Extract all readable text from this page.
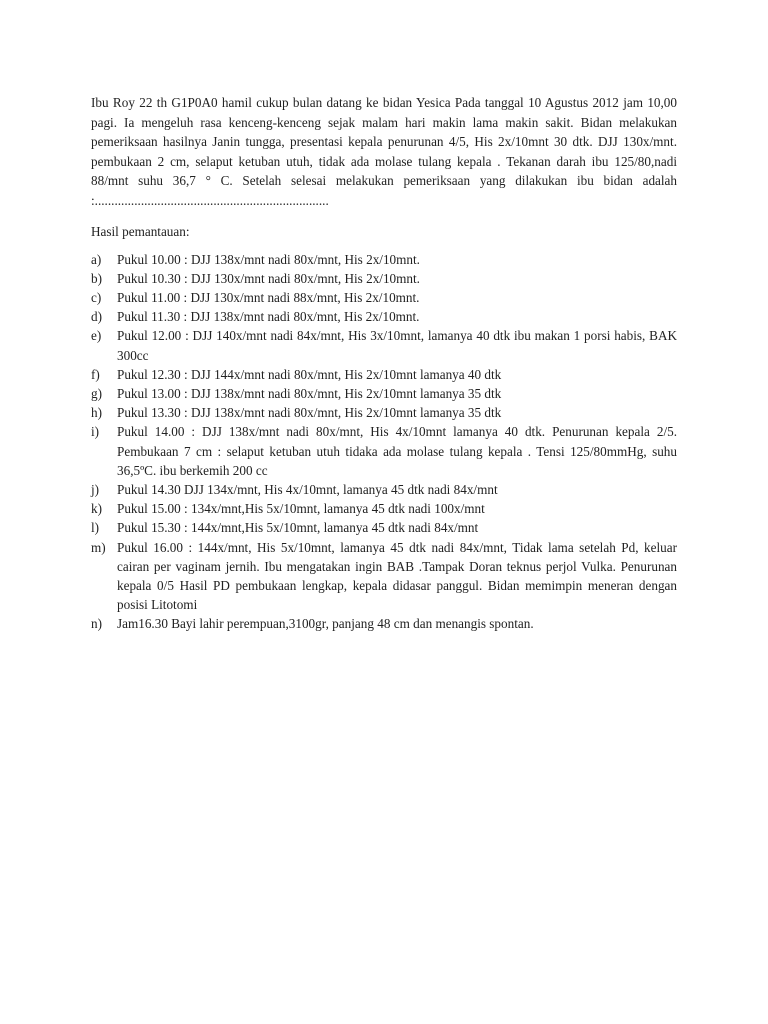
Ibu Roy 22 th G1P0A0 hamil cukup bulan datang ke bidan Yesica Pada tanggal 10 Agustus 2012 jam 10,00 pagi. Ia mengeluh rasa kenceng-kenceng sejak malam hari makin lama makin sakit. Bidan melakukan pemeriksaan hasilnya Janin tungga, presentasi kepala penurunan 4/5, His 2x/10mnt 30 dtk. DJJ 130x/mnt. pembukaan 2 cm, selaput ketuban utuh, tidak ada molase tulang kepala . Tekanan darah ibu 125/80,nadi 88/mnt suhu 36,7 ° C. Setelah selesai melakukan pemeriksaan yang dilakukan ibu bidan adalah :.......................................................................

Hasil pemantauan:

a)	Pukul 10.00 : DJJ 138x/mnt nadi 80x/mnt, His 2x/10mnt.
b)	Pukul 10.30 : DJJ 130x/mnt nadi 80x/mnt, His 2x/10mnt.
c)	Pukul 11.00 : DJJ 130x/mnt nadi 88x/mnt, His 2x/10mnt.
d)	Pukul 11.30 : DJJ 138x/mnt nadi 80x/mnt, His 2x/10mnt.
e)	Pukul 12.00 : DJJ 140x/mnt nadi 84x/mnt, His 3x/10mnt, lamanya 40 dtk ibu makan 1 porsi habis, BAK 300cc
f)	Pukul 12.30 : DJJ 144x/mnt nadi 80x/mnt, His 2x/10mnt lamanya 40 dtk
g)	Pukul 13.00 : DJJ 138x/mnt nadi 80x/mnt, His 2x/10mnt lamanya 35 dtk
h)	Pukul 13.30 : DJJ 138x/mnt nadi 80x/mnt, His 2x/10mnt lamanya 35 dtk
i)	Pukul 14.00 : DJJ 138x/mnt nadi 80x/mnt, His 4x/10mnt lamanya 40 dtk. Penurunan kepala 2/5. Pembukaan 7 cm : selaput ketuban utuh tidaka ada molase tulang kepala . Tensi 125/80mmHg, suhu 36,5ºC. ibu berkemih 200 cc
j)	Pukul 14.30 DJJ 134x/mnt, His 4x/10mnt, lamanya 45 dtk nadi 84x/mnt
k)	Pukul 15.00 : 134x/mnt,His 5x/10mnt, lamanya 45 dtk nadi 100x/mnt
l)	Pukul 15.30 : 144x/mnt,His 5x/10mnt, lamanya 45 dtk nadi 84x/mnt
m) Pukul 16.00 : 144x/mnt, His 5x/10mnt, lamanya 45 dtk nadi 84x/mnt, Tidak lama setelah Pd, keluar cairan per vaginam jernih. Ibu mengatakan ingin BAB .Tampak Doran teknus perjol Vulka. Penurunan kepala 0/5 Hasil PD pembukaan lengkap, kepala didasar panggul. Bidan memimpin meneran dengan posisi Litotomi
n)	Jam16.30 Bayi lahir perempuan,3100gr, panjang 48 cm dan menangis spontan.
